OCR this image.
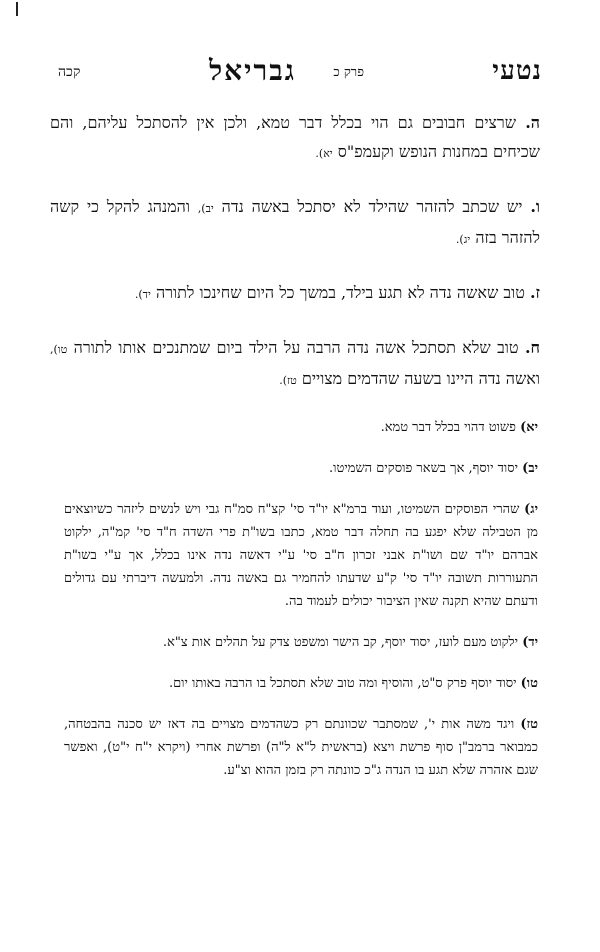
נטעי
גבריאל	פרק כ
קכה

ה. שרצים חבובים גם הוי בכלל דבר טמא, ולכן אין להסתכל עליהם, והם שכיחים במחנות הנופש וקעמפ"ס יא).

ו. יש שכתב להזהר שהילד לא יסתכל באשה נדה יב), והמנהג להקל כי קשה להזהר בזה יג).

ז. טוב שאשה נדה לא תגע בילד, במשך כל היום שחינכו לתורה יד).

ח. טוב שלא תסתכל אשה נדה הרבה על הילד ביום שמתנכים אותו לתורה טו), ואשה נדה היינו בשעה שהדמים מצויים טז).

יא) פשוט דהוי בכלל דבר טמא.

יב) יסוד יוסף, אך בשאר פוסקים השמיטו.

יג) שהרי הפוסקים השמיטו, ועוד ברמ"א יו"ד סי' קצ"ח סמ"ח גבי ויש לנשים ליזהר כשיוצאים מן הטבילה שלא יפגע בה תחלה דבר טמא, כתבו בשו"ת פרי השדה ח"ד סי' קמ"ה, ילקוט אברהם יו"ד שם ושו"ת אבני זכרון ח"ב סי' ע"י דאשה נדה אינו בכלל, אך ע"י בשו"ת התעוררות תשובה יו"ד סי' ק"ע שדעתו להחמיר גם באשה נדה. ולמעשה דיברתי עם גדולים ודעתם שהיא תקנה שאין הציבור יכולים לעמוד בה.

יד) ילקוט מעם לועז, יסוד יוסף, קב הישר ומשפט צדק על תהלים אות צ"א.

טו) יסוד יוסף פרק ס"ט, והוסיף ומה טוב שלא תסתכל בו הרבה באותו יום.

טז) ויגד משה אות י', שמסתבר שכוונתם רק כשהדמים מצויים בה דאז יש סכנה בהבטחה, כמבואר ברמב"ן סוף פרשת ויצא (בראשית ל"א ל"ה) ופרשת אחרי (ויקרא י"ח י"ט), ואפשר שגם אזהרה שלא תגע בו הנדה ג"כ כוונתה רק בזמן ההוא וצ"ע.
